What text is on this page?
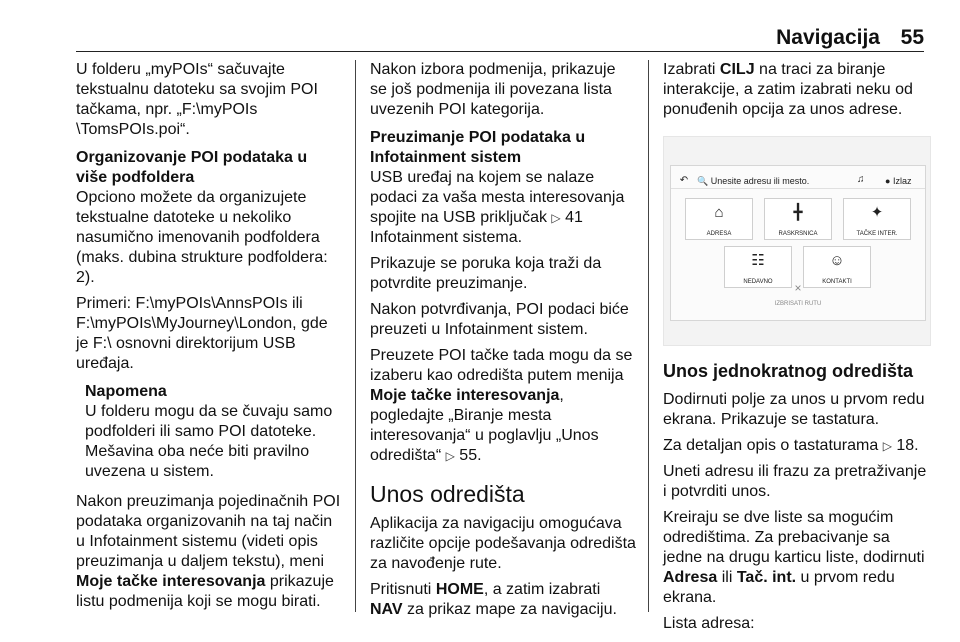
Navigacija 55

U folderu „myPOIs“ sačuvajte tekstualnu datoteku sa svojim POI tačkama, npr. „F:\myPOIs \TomsPOIs.poi“.

Organizovanje POI podataka u više podfoldera

Opciono možete da organizujete tekstualne datoteke u nekoliko nasumično imenovanih podfoldera (maks. dubina strukture podfoldera: 2).

Primeri: F:\myPOIs\AnnsPOIs ili F:\myPOIs\MyJourney\London, gde je F:\ osnovni direktorijum USB uređaja.

Napomena
U folderu mogu da se čuvaju samo podfolderi ili samo POI datoteke. Mešavina oba neće biti pravilno uvezena u sistem.

Nakon preuzimanja pojedinačnih POI podataka organizovanih na taj način u Infotainment sistemu (videti opis preuzimanja u daljem tekstu), meni Moje tačke interesovanja prikazuje listu podmenija koji se mogu birati.

Nakon izbora podmenija, prikazuje se još podmenija ili povezana lista uvezenih POI kategorija.

Preuzimanje POI podataka u Infotainment sistem

USB uređaj na kojem se nalaze podaci za vaša mesta interesovanja spojite na USB priključak ▷ 41 Infotainment sistema.

Prikazuje se poruka koja traži da potvrdite preuzimanje.

Nakon potvrđivanja, POI podaci biće preuzeti u Infotainment sistem.

Preuzete POI tačke tada mogu da se izaberu kao odredišta putem menija Moje tačke interesovanja, pogledajte „Biranje mesta interesovanja“ u poglavlju „Unos odredišta“ ▷ 55.

Unos odredišta

Aplikacija za navigaciju omogućava različite opcije podešavanja odredišta za navođenje rute.

Pritisnuti HOME, a zatim izabrati NAV za prikaz mape za navigaciju.

Izabrati CILJ na traci za biranje interakcije, a zatim izabrati neku od ponuđenih opcija za unos adrese.

↶ 🔍 Unesite adresu ili mesto.	♫ ● Izlaz
⌂
ADRESA
╋
RASKRSNICA
✦
TAČKE INTER.
☷
NEDAVNO
☺
KONTAKTI
×
IZBRISATI RUTU
Unos jednokratnog odredišta

Dodirnuti polje za unos u prvom redu ekrana. Prikazuje se tastatura.

Za detaljan opis o tastaturama ▷ 18.

Uneti adresu ili frazu za pretraživanje i potvrditi unos.

Kreiraju se dve liste sa mogućim odredištima. Za prebacivanje sa jedne na drugu karticu liste, dodirnuti Adresa ili Tač. int. u prvom redu ekrana.

Lista adresa:
